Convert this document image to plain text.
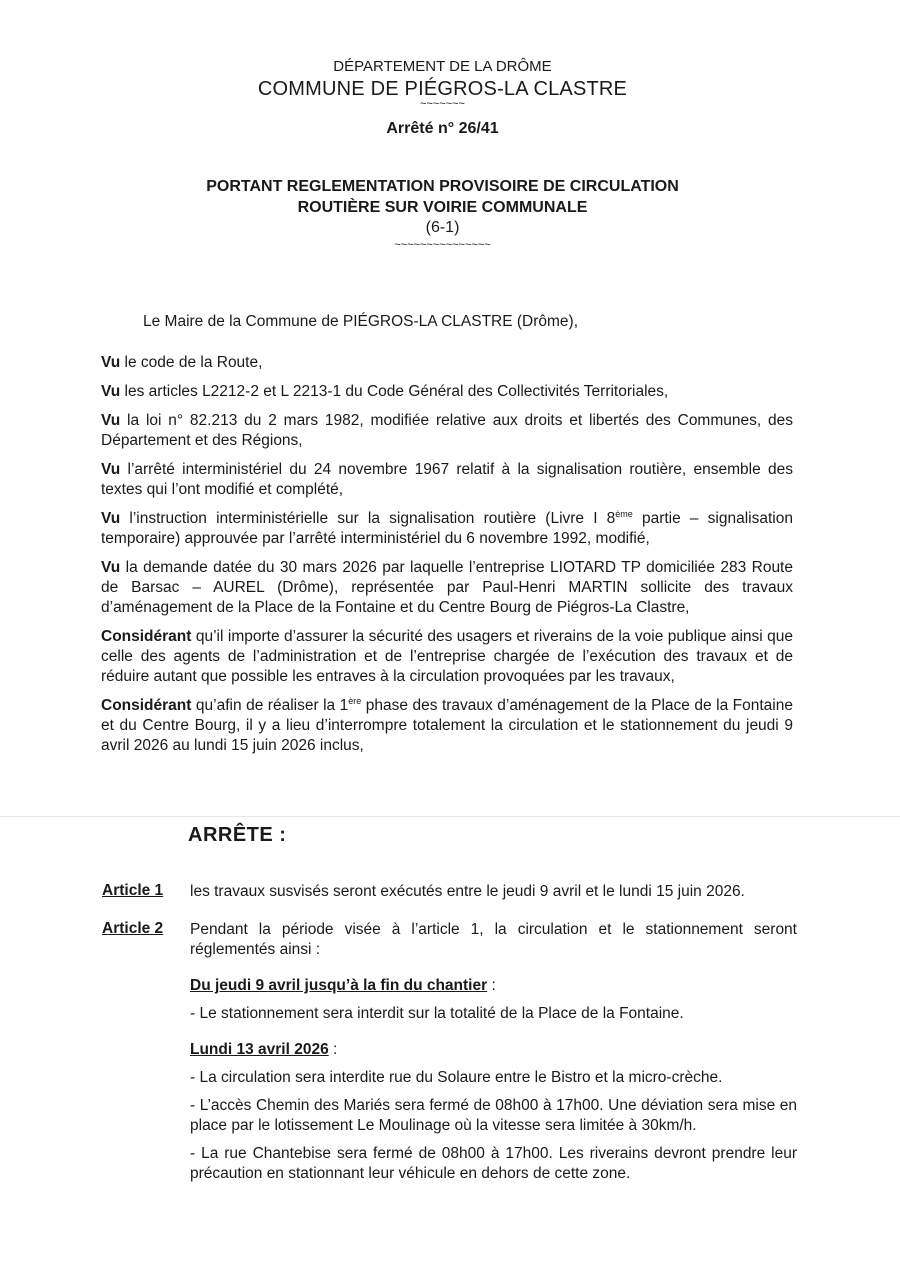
DÉPARTEMENT DE LA DRÔME
COMMUNE DE PIÉGROS-LA CLASTRE
~~~~~~~
Arrêté n° 26/41
PORTANT REGLEMENTATION PROVISOIRE DE CIRCULATION
ROUTIÈRE SUR VOIRIE COMMUNALE
(6-1)
~~~~~~~~~~~~~~~
Le Maire de la Commune de PIÉGROS-LA CLASTRE (Drôme),

Vu le code de la Route,

Vu les articles L2212-2 et L 2213-1 du Code Général des Collectivités Territoriales,

Vu la loi n° 82.213 du 2 mars 1982, modifiée relative aux droits et libertés des Communes, des Département et des Régions,

Vu l’arrêté interministériel du 24 novembre 1967 relatif à la signalisation routière, ensemble des textes qui l’ont modifié et complété,

Vu l’instruction interministérielle sur la signalisation routière (Livre I 8ème partie – signalisation temporaire) approuvée par l’arrêté interministériel du 6 novembre 1992, modifié,

Vu la demande datée du 30 mars 2026 par laquelle l’entreprise LIOTARD TP domiciliée 283 Route de Barsac – AUREL (Drôme), représentée par Paul-Henri MARTIN sollicite des travaux d’aménagement de la Place de la Fontaine et du Centre Bourg de Piégros-La Clastre,

Considérant qu’il importe d’assurer la sécurité des usagers et riverains de la voie publique ainsi que celle des agents de l’administration et de l’entreprise chargée de l’exécution des travaux et de réduire autant que possible les entraves à la circulation provoquées par les travaux,

Considérant qu’afin de réaliser la 1ère phase des travaux d’aménagement de la Place de la Fontaine et du Centre Bourg, il y a lieu d’interrompre totalement la circulation et le stationnement du jeudi 9 avril 2026 au lundi 15 juin 2026 inclus,

ARRÊTE :
Article 1 les travaux susvisés seront exécutés entre le jeudi 9 avril et le lundi 15 juin 2026.

Article 2 Pendant la période visée à l’article 1, la circulation et le stationnement seront réglementés ainsi :

Du jeudi 9 avril jusqu’à la fin du chantier :

- Le stationnement sera interdit sur la totalité de la Place de la Fontaine.

Lundi 13 avril 2026 :

- La circulation sera interdite rue du Solaure entre le Bistro et la micro-crèche.

- L’accès Chemin des Mariés sera fermé de 08h00 à 17h00. Une déviation sera mise en place par le lotissement Le Moulinage où la vitesse sera limitée à 30km/h.

- La rue Chantebise sera fermé de 08h00 à 17h00. Les riverains devront prendre leur précaution en stationnant leur véhicule en dehors de cette zone.
